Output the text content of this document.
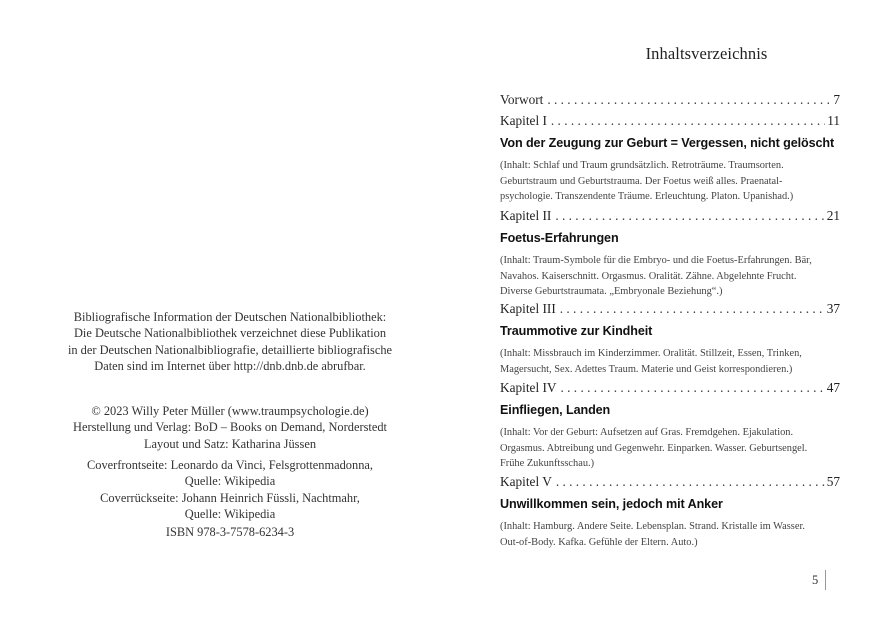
Bibliografische Information der Deutschen Nationalbibliothek:

Die Deutsche Nationalbibliothek verzeichnet diese Publikation

in der Deutschen Nationalbibliografie, detaillierte bibliografische

Daten sind im Internet über http://dnb.dnb.de abrufbar.

© 2023 Willy Peter Müller (www.traumpsychologie.de)

Herstellung und Verlag: BoD – Books on Demand, Norderstedt

Layout und Satz: Katharina Jüssen

Coverfrontseite: Leonardo da Vinci, Felsgrottenmadonna,

Quelle: Wikipedia

Coverrückseite: Johann Heinrich Füssli, Nachtmahr,

Quelle: Wikipedia

ISBN 978-3-7578-6234-3

Inhaltsverzeichnis
Vorwort . . .	7
Kapitel I . . .	11
Von der Zeugung zur Geburt = Vergessen, nicht gelöscht
(Inhalt: Schlaf und Traum grundsätzlich. Retroträume. Traumsorten.
Geburtstraum und Geburtstrauma. Der Foetus weiß alles. Praenatal-
psychologie. Transzendente Träume. Erleuchtung. Platon. Upanishad.)
Kapitel II . . .	21
Foetus-Erfahrungen
(Inhalt: Traum-Symbole für die Embryo- und die Foetus-Erfahrungen. Bär,
Navahos. Kaiserschnitt. Orgasmus. Oralität. Zähne. Abgelehnte Frucht.
Diverse Geburtstraumata. „Embryonale Beziehung“.)
Kapitel III . . .	37
Traummotive zur Kindheit
(Inhalt: Missbrauch im Kinderzimmer. Oralität. Stillzeit, Essen, Trinken,
Magersucht, Sex. Adettes Traum. Materie und Geist korrespondieren.)
Kapitel IV . . .	47
Einfliegen, Landen
(Inhalt: Vor der Geburt: Aufsetzen auf Gras. Fremdgehen. Ejakulation.
Orgasmus. Abtreibung und Gegenwehr. Einparken. Wasser. Geburtsengel.
Frühe Zukunftsschau.)
Kapitel V . . .	57
Unwillkommen sein, jedoch mit Anker
(Inhalt: Hamburg. Andere Seite. Lebensplan. Strand. Kristalle im Wasser.
Out-of-Body. Kafka. Gefühle der Eltern. Auto.)
5
